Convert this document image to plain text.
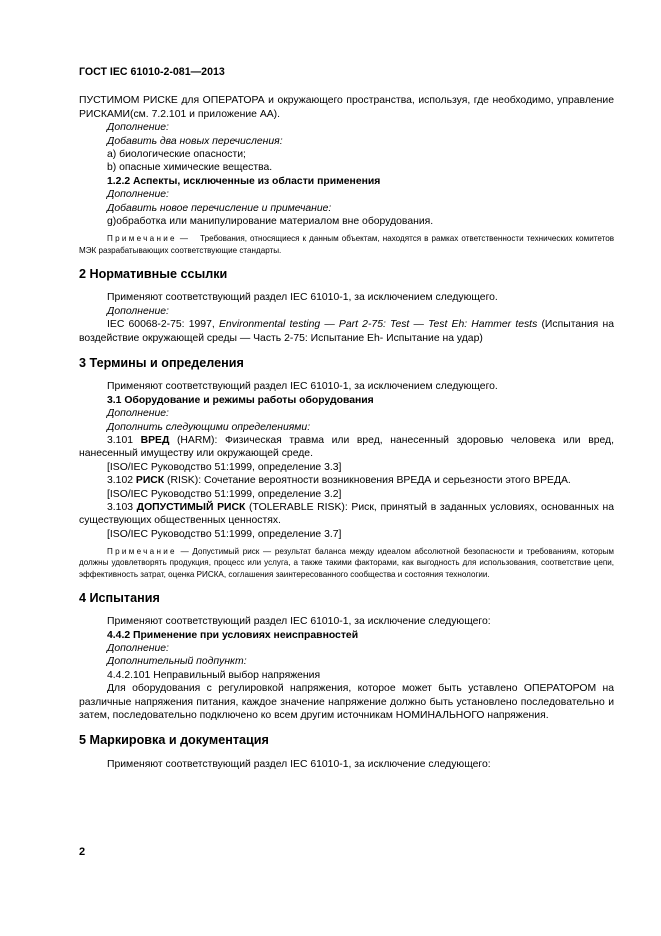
ГОСТ IEC 61010-2-081—2013

ПУСТИМОМ РИСКЕ для ОПЕРАТОРА и окружающего пространства, используя, где необходимо, управление РИСКАМИ(см. 7.2.101 и приложение АА).

Дополнение:

Добавить два новых перечисления:

a) биологические опасности;

b) опасные химические вещества.

1.2.2 Аспекты, исключенные из области применения

Дополнение:

Добавить новое перечисление и примечание:

g)обработка или манипулирование материалом вне оборудования.

Примечание — Требования, относящиеся к данным объектам, находятся в рамках ответственности технических комитетов МЭК разрабатывающих соответствующие стандарты.

2 Нормативные ссылки

Применяют соответствующий раздел IEC 61010-1, за исключением следующего.

Дополнение:

IEC 60068-2-75: 1997, Environmental testing — Part 2-75: Test — Test Eh: Hammer tests (Испытания на воздействие окружающей среды — Часть 2-75: Испытание Eh- Испытание на удар)

3 Термины и определения

Применяют соответствующий раздел IEC 61010-1, за исключением следующего.

3.1 Оборудование и режимы работы оборудования

Дополнение:

Дополнить следующими определениями:

3.101 ВРЕД (HARM): Физическая травма или вред, нанесенный здоровью человека или вред, нанесенный имуществу или окружающей среде.

[ISO/IEC Руководство 51:1999, определение 3.3]

3.102 РИСК (RISK): Сочетание вероятности возникновения ВРЕДА и серьезности этого ВРЕДА.

[ISO/IEC Руководство 51:1999, определение 3.2]

3.103 ДОПУСТИМЫЙ РИСК (TOLERABLE RISK): Риск, принятый в заданных условиях, основанных на существующих общественных ценностях.

[ISO/IEC Руководство 51:1999, определение 3.7]

Примечание — Допустимый риск — результат баланса между идеалом абсолютной безопасности и требованиям, которым должны удовлетворять продукция, процесс или услуга, а также такими факторами, как выгодность для использования, соответствие цепи, эффективность затрат, оценка РИСКА, соглашения заинтересованного сообщества и состояния технологии.

4 Испытания

Применяют соответствующий раздел IEC 61010-1, за исключение следующего:

4.4.2 Применение при условиях неисправностей

Дополнение:

Дополнительный подпункт:

4.4.2.101 Неправильный выбор напряжения

Для оборудования с регулировкой напряжения, которое может быть уставлено ОПЕРАТОРОМ на различные напряжения питания, каждое значение напряжение должно быть установлено последовательно и затем, последовательно подключено ко всем другим источникам НОМИНАЛЬНОГО напряжения.

5 Маркировка и документация

Применяют соответствующий раздел IEC 61010-1, за исключение следующего:

2
